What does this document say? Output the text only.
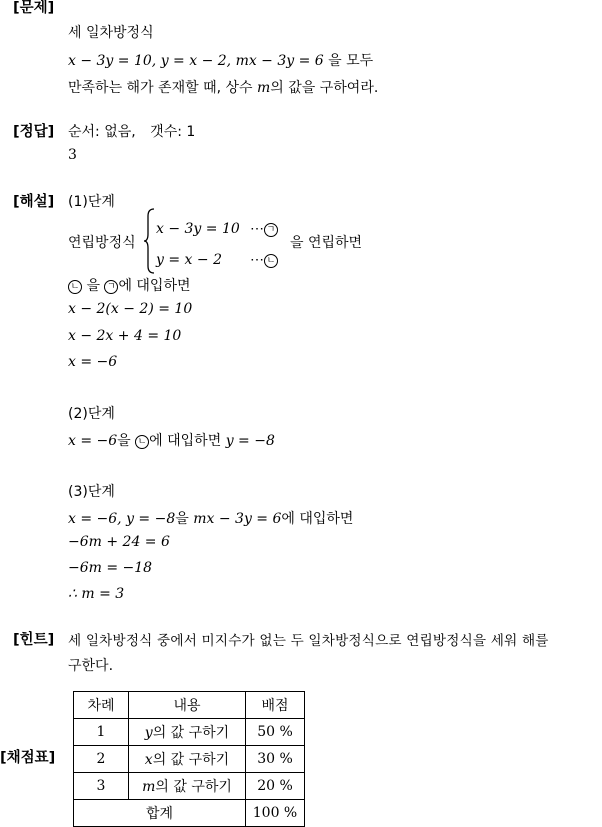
[문제]
[정답]
[해설]
[힌트]
[채점표]
세 일차방정식
x − 3y = 10, y = x − 2, mx − 3y = 6 을 모두
만족하는 해가 존재할 때, 상수 m의 값을 구하여라.
순서: 없음, 갯수: 1
3
(1)단계
연립방정식
x − 3y = 10 ⋯ ㄱ
y = x − 2 ⋯ ㄴ
을 연립하면
ㄴ 을 ㄱ 에 대입하면
x − 2(x − 2) = 10
x − 2x + 4 = 10
x = −6
(2)단계
x = −6을 ㄴ 에 대입하면 y = −8
(3)단계
x = −6, y = −8을 mx − 3y = 6에 대입하면
−6m + 24 = 6
−6m = −18
∴ m = 3
세 일차방정식 중에서 미지수가 없는 두 일차방정식으로 연립방정식을 세워 해를
구한다.
차례	내용	배점
1	y의 값 구하기	50 %
2	x의 값 구하기	30 %
3	m의 값 구하기	20 %
합계		100 %
